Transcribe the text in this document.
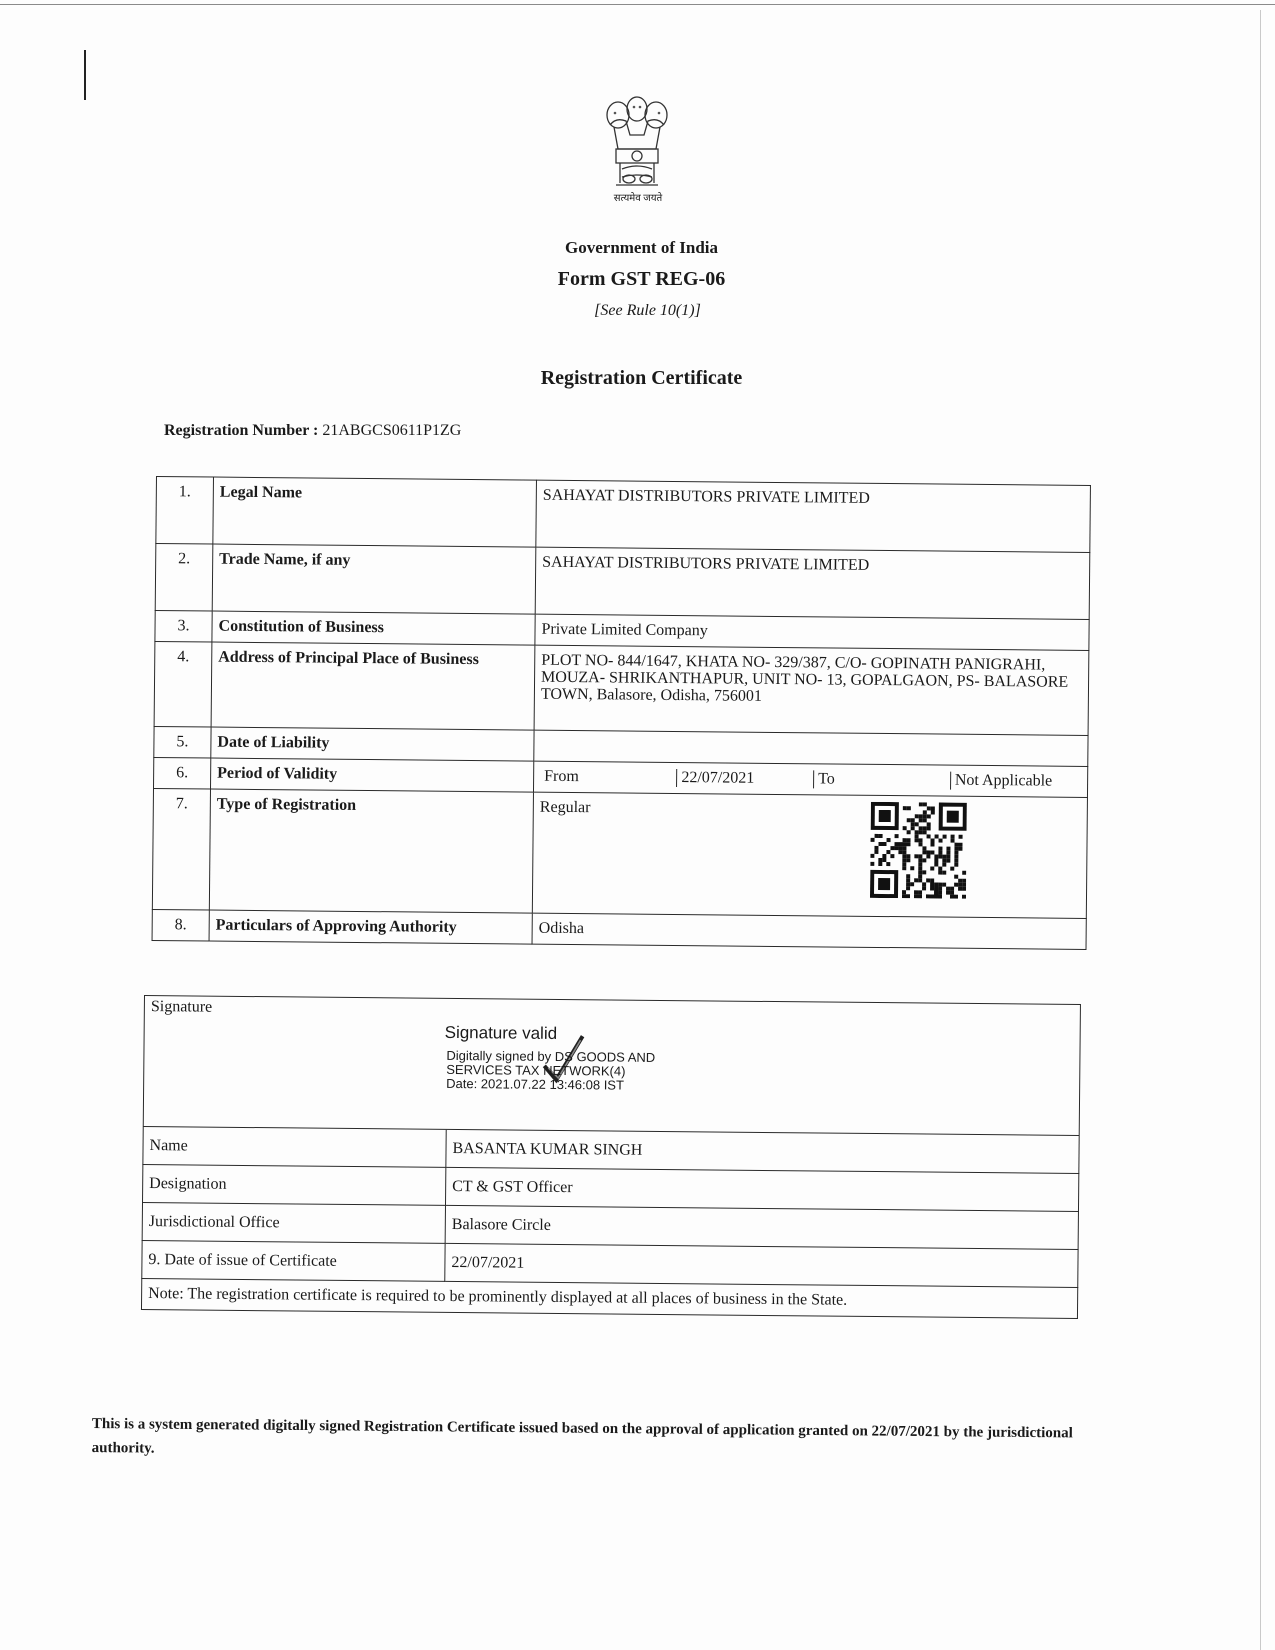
सत्यमेव जयते
Government of India
Form GST REG-06
[See Rule 10(1)]
Registration Certificate
Registration Number : 21ABGCS0611P1ZG
1.	Legal Name	SAHAYAT DISTRIBUTORS PRIVATE LIMITED
2.	Trade Name, if any	SAHAYAT DISTRIBUTORS PRIVATE LIMITED
3.	Constitution of Business	Private Limited Company
4.	Address of Principal Place of Business	PLOT NO- 844/1647, KHATA NO- 329/387, C/O- GOPINATH PANIGRAHI, MOUZA- SHRIKANTHAPUR, UNIT NO- 13, GOPALGAON, PS- BALASORE TOWN, Balasore, Odisha, 756001
5.	Date of Liability	
6.	Period of Validity		From	22/07/2021	To	Not Applicable

7.	Type of Registration	Regular

8.	Particulars of Approving Authority	Odisha
Signature
Signature valid
Digitally signed by DS GOODS AND
SERVICES TAX NETWORK(4)
Date: 2021.07.22 13:46:08 IST
Name	BASANTA KUMAR SINGH
Designation	CT & GST Officer
Jurisdictional Office	Balasore Circle
9. Date of issue of Certificate	22/07/2021
Note: The registration certificate is required to be prominently displayed at all places of business in the State.
This is a system generated digitally signed Registration Certificate issued based on the approval of application granted on 22/07/2021 by the jurisdictional authority.
